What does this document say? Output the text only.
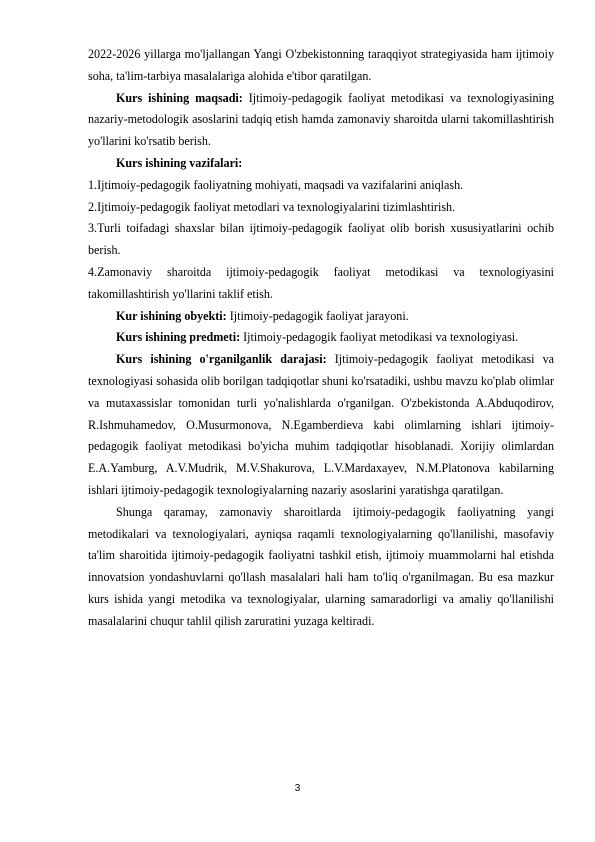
2022-2026 yillarga mo'ljallangan Yangi O'zbekistonning taraqqiyot strategiyasida ham ijtimoiy soha, ta'lim-tarbiya masalalariga alohida e'tibor qaratilgan.

Kurs ishining maqsadi: Ijtimoiy-pedagogik faoliyat metodikasi va texnologiyasining nazariy-metodologik asoslarini tadqiq etish hamda zamonaviy sharoitda ularni takomillashtirish yo'llarini ko'rsatib berish.

Kurs ishining vazifalari:

1.Ijtimoiy-pedagogik faoliyatning mohiyati, maqsadi va vazifalarini aniqlash.

2.Ijtimoiy-pedagogik faoliyat metodlari va texnologiyalarini tizimlashtirish.

3.Turli toifadagi shaxslar bilan ijtimoiy-pedagogik faoliyat olib borish xususiyatlarini ochib berish.

4.Zamonaviy sharoitda ijtimoiy-pedagogik faoliyat metodikasi va texnologiyasini takomillashtirish yo'llarini taklif etish.

Kur ishining obyekti: Ijtimoiy-pedagogik faoliyat jarayoni.

Kurs ishining predmeti: Ijtimoiy-pedagogik faoliyat metodikasi va texnologiyasi.

Kurs ishining o'rganilganlik darajasi: Ijtimoiy-pedagogik faoliyat metodikasi va texnologiyasi sohasida olib borilgan tadqiqotlar shuni ko'rsatadiki, ushbu mavzu ko'plab olimlar va mutaxassislar tomonidan turli yo'nalishlarda o'rganilgan. O'zbekistonda A.Abduqodirov, R.Ishmuhamedov, O.Musurmonova, N.Egamberdieva kabi olimlarning ishlari ijtimoiy-pedagogik faoliyat metodikasi bo'yicha muhim tadqiqotlar hisoblanadi. Xorijiy olimlardan E.A.Yamburg, A.V.Mudrik, M.V.Shakurova, L.V.Mardaxayev, N.M.Platonova kabilarning ishlari ijtimoiy-pedagogik texnologiyalarning nazariy asoslarini yaratishga qaratilgan.

Shunga qaramay, zamonaviy sharoitlarda ijtimoiy-pedagogik faoliyatning yangi metodikalari va texnologiyalari, ayniqsa raqamli texnologiyalarning qo'llanilishi, masofaviy ta'lim sharoitida ijtimoiy-pedagogik faoliyatni tashkil etish, ijtimoiy muammolarni hal etishda innovatsion yondashuvlarni qo'llash masalalari hali ham to'liq o'rganilmagan. Bu esa mazkur kurs ishida yangi metodika va texnologiyalar, ularning samaradorligi va amaliy qo'llanilishi masalalarini chuqur tahlil qilish zaruratini yuzaga keltiradi.

3
